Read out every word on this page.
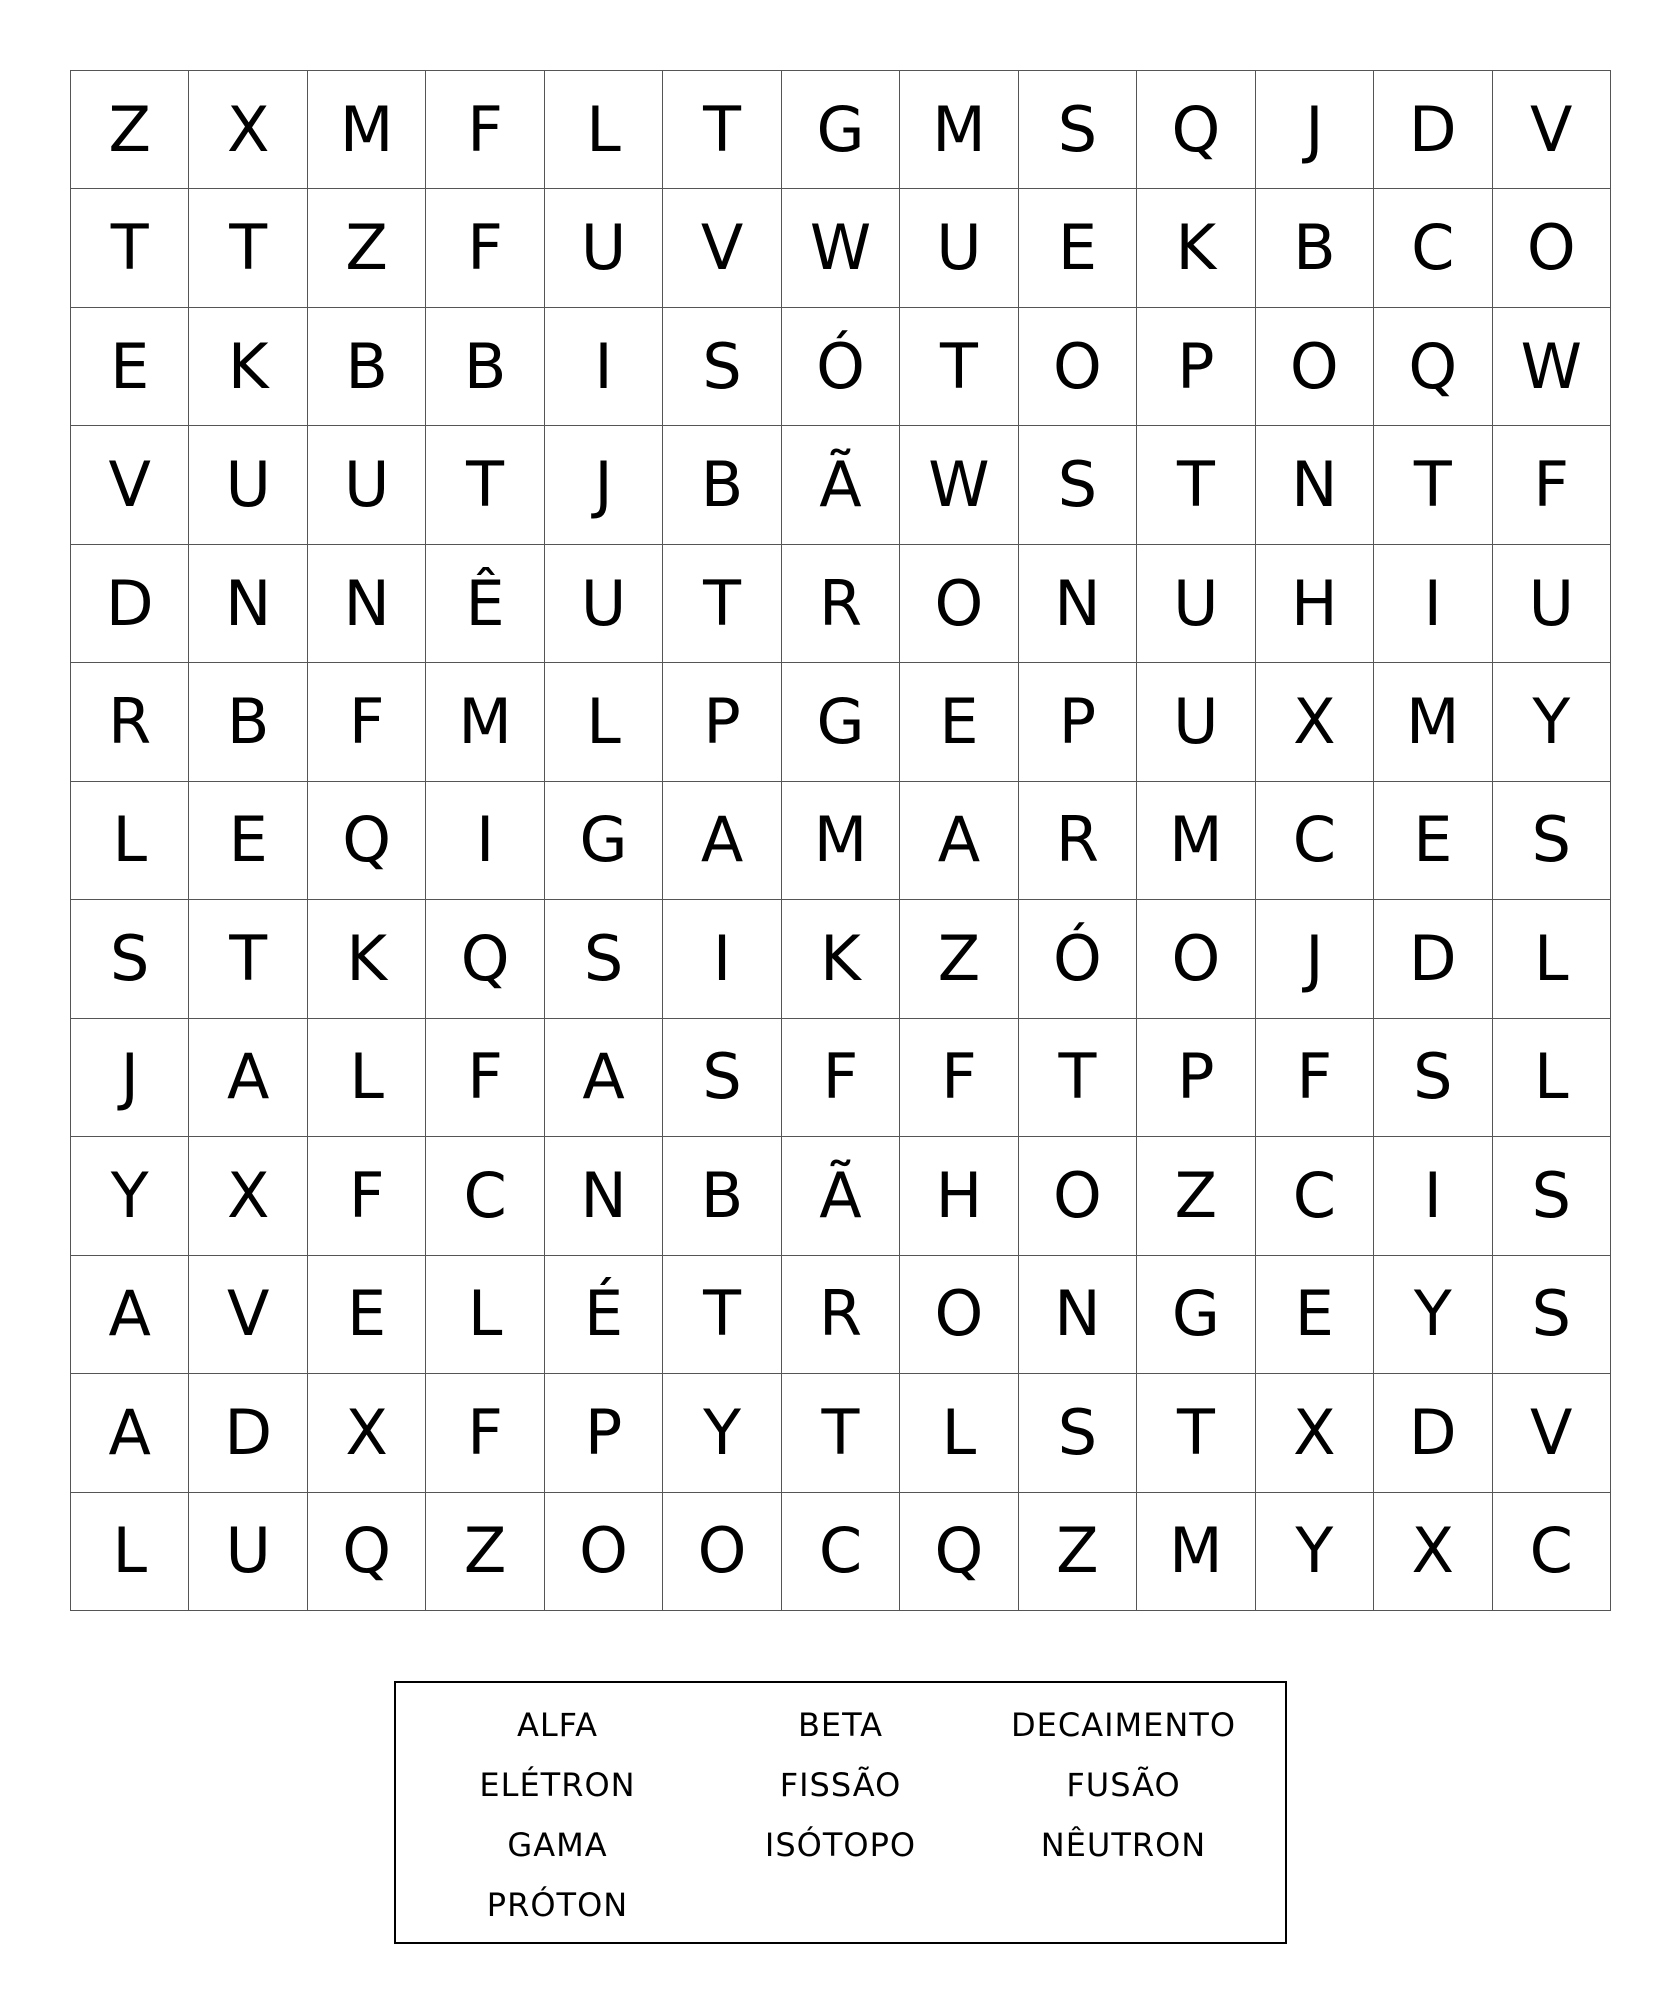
Z	X	M	F	L	T	G	M	S	Q	J	D	V
T	T	Z	F	U	V	W	U	E	K	B	C	O
E	K	B	B	I	S	Ó	T	O	P	O	Q	W
V	U	U	T	J	B	Ã	W	S	T	N	T	F
D	N	N	Ê	U	T	R	O	N	U	H	I	U
R	B	F	M	L	P	G	E	P	U	X	M	Y
L	E	Q	I	G	A	M	A	R	M	C	E	S
S	T	K	Q	S	I	K	Z	Ó	O	J	D	L
J	A	L	F	A	S	F	F	T	P	F	S	L
Y	X	F	C	N	B	Ã	H	O	Z	C	I	S
A	V	E	L	É	T	R	O	N	G	E	Y	S
A	D	X	F	P	Y	T	L	S	T	X	D	V
L	U	Q	Z	O	O	C	Q	Z	M	Y	X	C
ALFA	BETA	DECAIMENTO
ELÉTRON	FISSÃO	FUSÃO
GAMA	ISÓTOPO	NÊUTRON
PRÓTON
